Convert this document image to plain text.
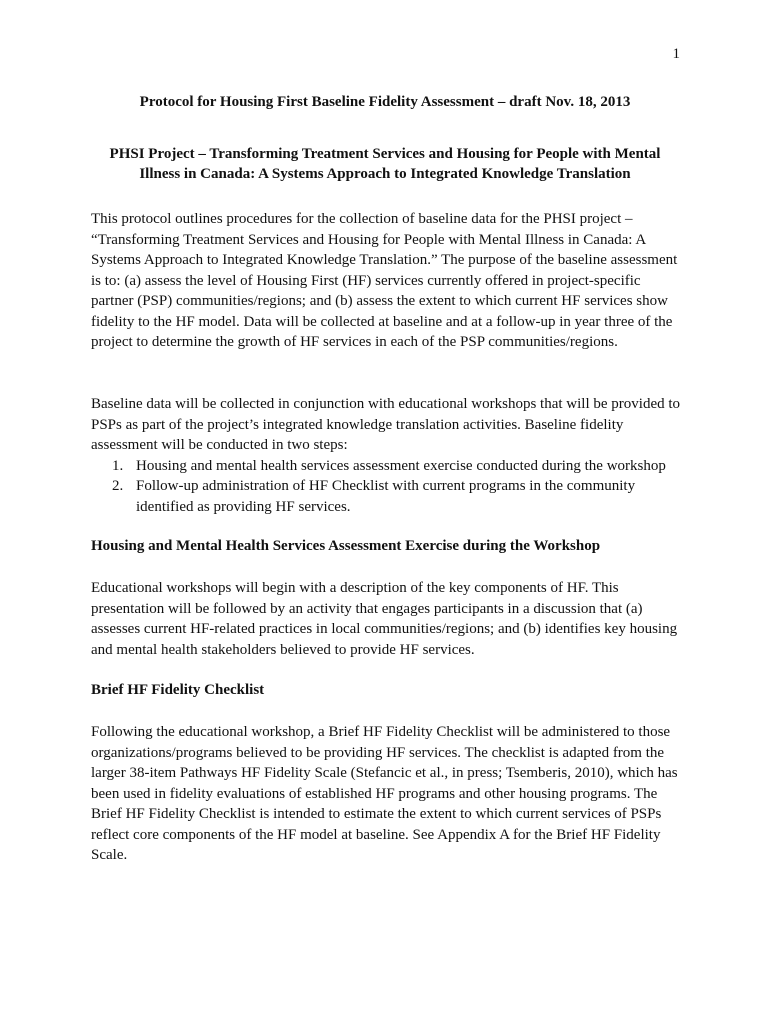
1
Protocol for Housing First Baseline Fidelity Assessment – draft Nov. 18, 2013
PHSI Project – Transforming Treatment Services and Housing for People with Mental
Illness in Canada: A Systems Approach to Integrated Knowledge Translation

This protocol outlines procedures for the collection of baseline data for the PHSI project – “Transforming Treatment Services and Housing for People with Mental Illness in Canada: A Systems Approach to Integrated Knowledge Translation.” The purpose of the baseline assessment is to: (a) assess the level of Housing First (HF) services currently offered in project-specific partner (PSP) communities/regions; and (b) assess the extent to which current HF services show fidelity to the HF model. Data will be collected at baseline and at a follow-up in year three of the project to determine the growth of HF services in each of the PSP communities/regions.

Baseline data will be collected in conjunction with educational workshops that will be provided to PSPs as part of the project’s integrated knowledge translation activities. Baseline fidelity assessment will be conducted in two steps:

1. Housing and mental health services assessment exercise conducted during the workshop
2. Follow-up administration of HF Checklist with current programs in the community identified as providing HF services.
Housing and Mental Health Services Assessment Exercise during the Workshop

Educational workshops will begin with a description of the key components of HF. This presentation will be followed by an activity that engages participants in a discussion that (a) assesses current HF-related practices in local communities/regions; and (b) identifies key housing and mental health stakeholders believed to provide HF services.

Brief HF Fidelity Checklist

Following the educational workshop, a Brief HF Fidelity Checklist will be administered to those organizations/programs believed to be providing HF services. The checklist is adapted from the larger 38-item Pathways HF Fidelity Scale (Stefancic et al., in press; Tsemberis, 2010), which has been used in fidelity evaluations of established HF programs and other housing programs. The Brief HF Fidelity Checklist is intended to estimate the extent to which current services of PSPs reflect core components of the HF model at baseline. See Appendix A for the Brief HF Fidelity Scale.
